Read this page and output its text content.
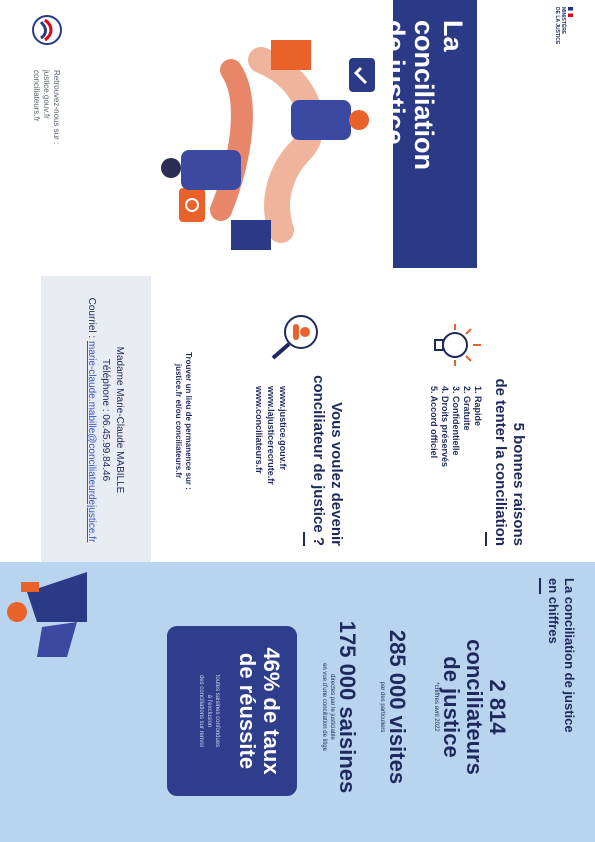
MINISTÈRE
DE LA JUSTICE
La
conciliation
de justice
Retrouvez-nous sur :
justice.gouv.fr
conciliateurs.fr
5 bonnes raisons
de tenter la conciliation
1. Rapide
2. Gratuite
3. Confidentielle
4. Droits préservés
5. Accord officiel
Vous voulez devenir
conciliateur de justice ?
www.justice.gouv.fr
www.lajusticerecrute.fr
www.conciliateurs.fr
Trouver un lieu de permanence sur :
justice.fr et/ou conciliateurs.fr
Madame Marie-Claude MABILLE
Téléphone : 06.45.99.84.46
Courriel : marie-claude.mabille@conciliateurdejustice.fr
La conciliation de justice
en chiffres
2 814
conciliateurs
de justice
*chiffres avril 2022
285 000 visites
par des particuliers
175 000 saisines
directes par le justiciable
en vue d'une conciliation de litige
46% de taux
de réussite
toutes saisines confondues
à l'exclusion
des conciliations sur renvoi
